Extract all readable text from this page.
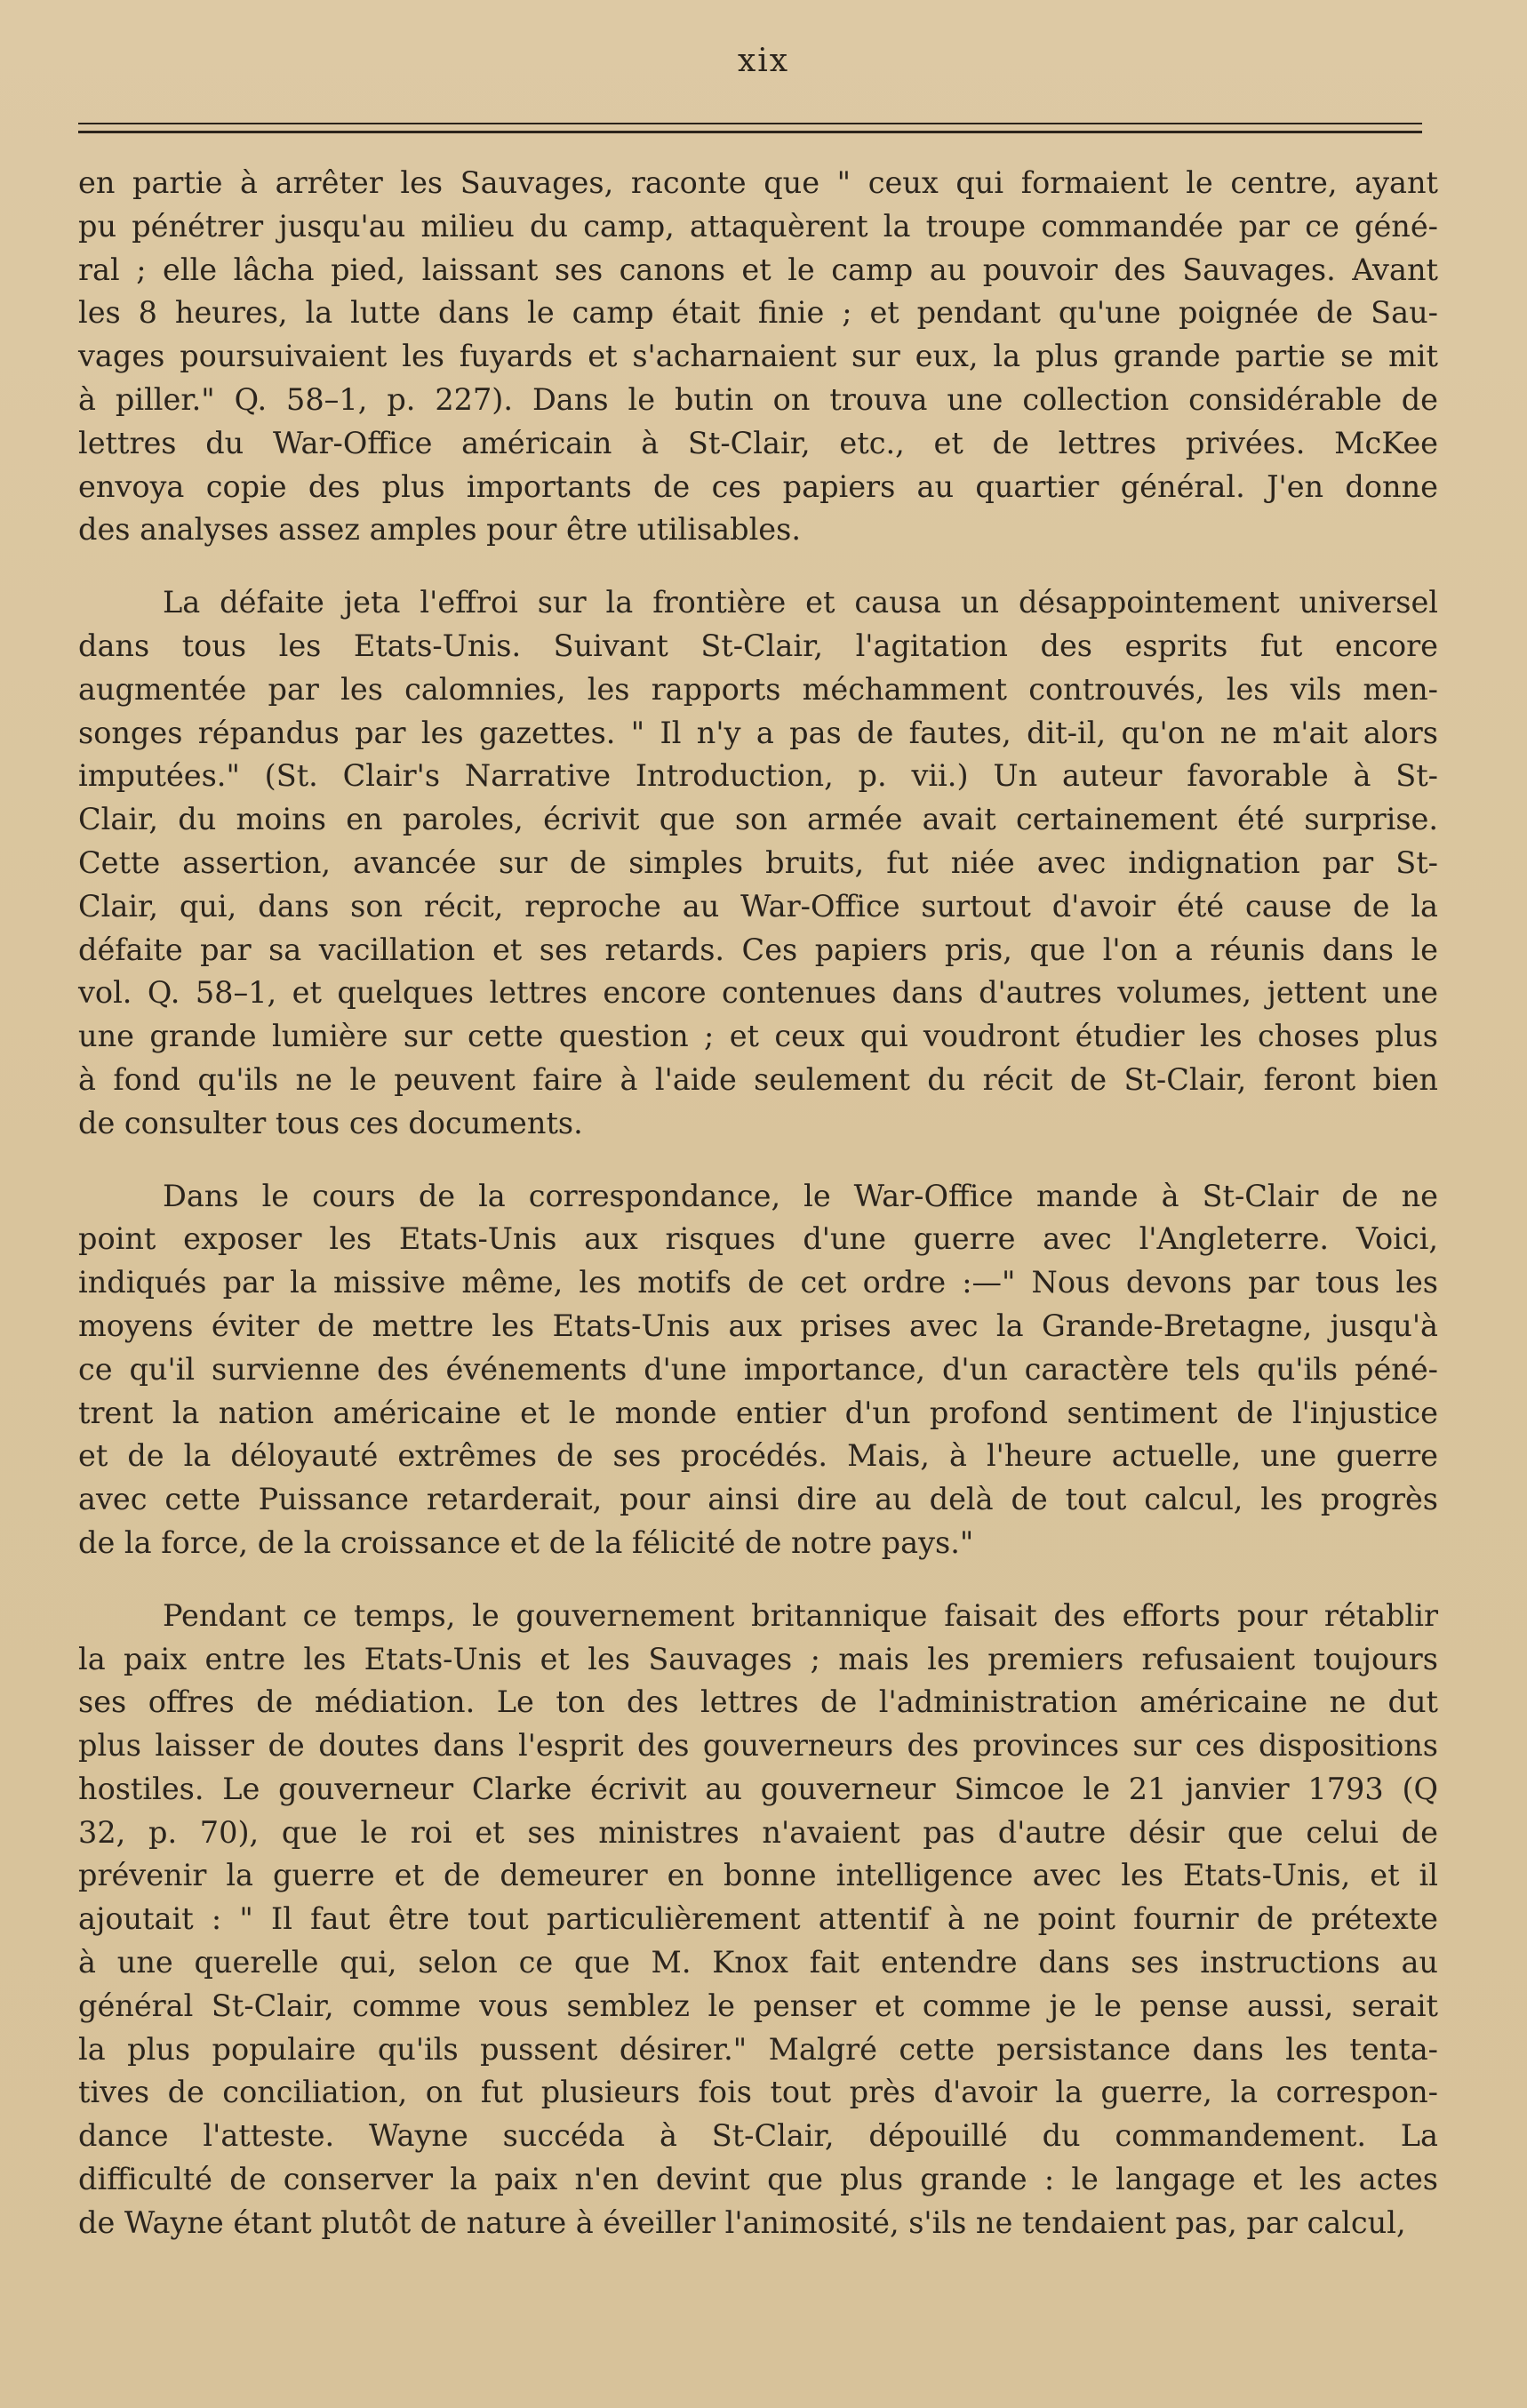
xix
en partie à arrêter les Sauvages, raconte que " ceux qui formaient le centre, ayant
pu pénétrer jusqu'au milieu du camp, attaquèrent la troupe commandée par ce géné-
ral ; elle lâcha pied, laissant ses canons et le camp au pouvoir des Sauvages. Avant
les 8 heures, la lutte dans le camp était finie ; et pendant qu'une poignée de Sau-
vages poursuivaient les fuyards et s'acharnaient sur eux, la plus grande partie se mit
à piller." Q. 58–1, p. 227). Dans le butin on trouva une collection considérable de
lettres du War-Office américain à St-Clair, etc., et de lettres privées. McKee
envoya copie des plus importants de ces papiers au quartier général. J'en donne
des analyses assez amples pour être utilisables.
La défaite jeta l'effroi sur la frontière et causa un désappointement universel
dans tous les Etats-Unis. Suivant St-Clair, l'agitation des esprits fut encore
augmentée par les calomnies, les rapports méchamment controuvés, les vils men-
songes répandus par les gazettes. " Il n'y a pas de fautes, dit-il, qu'on ne m'ait alors
imputées." (St. Clair's Narrative Introduction, p. vii.) Un auteur favorable à St-
Clair, du moins en paroles, écrivit que son armée avait certainement été surprise.
Cette assertion, avancée sur de simples bruits, fut niée avec indignation par St-
Clair, qui, dans son récit, reproche au War-Office surtout d'avoir été cause de la
défaite par sa vacillation et ses retards. Ces papiers pris, que l'on a réunis dans le
vol. Q. 58–1, et quelques lettres encore contenues dans d'autres volumes, jettent une
une grande lumière sur cette question ; et ceux qui voudront étudier les choses plus
à fond qu'ils ne le peuvent faire à l'aide seulement du récit de St-Clair, feront bien
de consulter tous ces documents.
Dans le cours de la correspondance, le War-Office mande à St-Clair de ne
point exposer les Etats-Unis aux risques d'une guerre avec l'Angleterre. Voici,
indiqués par la missive même, les motifs de cet ordre :—" Nous devons par tous les
moyens éviter de mettre les Etats-Unis aux prises avec la Grande-Bretagne, jusqu'à
ce qu'il survienne des événements d'une importance, d'un caractère tels qu'ils péné-
trent la nation américaine et le monde entier d'un profond sentiment de l'injustice
et de la déloyauté extrêmes de ses procédés. Mais, à l'heure actuelle, une guerre
avec cette Puissance retarderait, pour ainsi dire au delà de tout calcul, les progrès
de la force, de la croissance et de la félicité de notre pays."
Pendant ce temps, le gouvernement britannique faisait des efforts pour rétablir
la paix entre les Etats-Unis et les Sauvages ; mais les premiers refusaient toujours
ses offres de médiation. Le ton des lettres de l'administration américaine ne dut
plus laisser de doutes dans l'esprit des gouverneurs des provinces sur ces dispositions
hostiles. Le gouverneur Clarke écrivit au gouverneur Simcoe le 21 janvier 1793 (Q
32, p. 70), que le roi et ses ministres n'avaient pas d'autre désir que celui de
prévenir la guerre et de demeurer en bonne intelligence avec les Etats-Unis, et il
ajoutait : " Il faut être tout particulièrement attentif à ne point fournir de prétexte
à une querelle qui, selon ce que M. Knox fait entendre dans ses instructions au
général St-Clair, comme vous semblez le penser et comme je le pense aussi, serait
la plus populaire qu'ils pussent désirer." Malgré cette persistance dans les tenta-
tives de conciliation, on fut plusieurs fois tout près d'avoir la guerre, la correspon-
dance l'atteste. Wayne succéda à St-Clair, dépouillé du commandement. La
difficulté de conserver la paix n'en devint que plus grande : le langage et les actes
de Wayne étant plutôt de nature à éveiller l'animosité, s'ils ne tendaient pas, par calcul,
